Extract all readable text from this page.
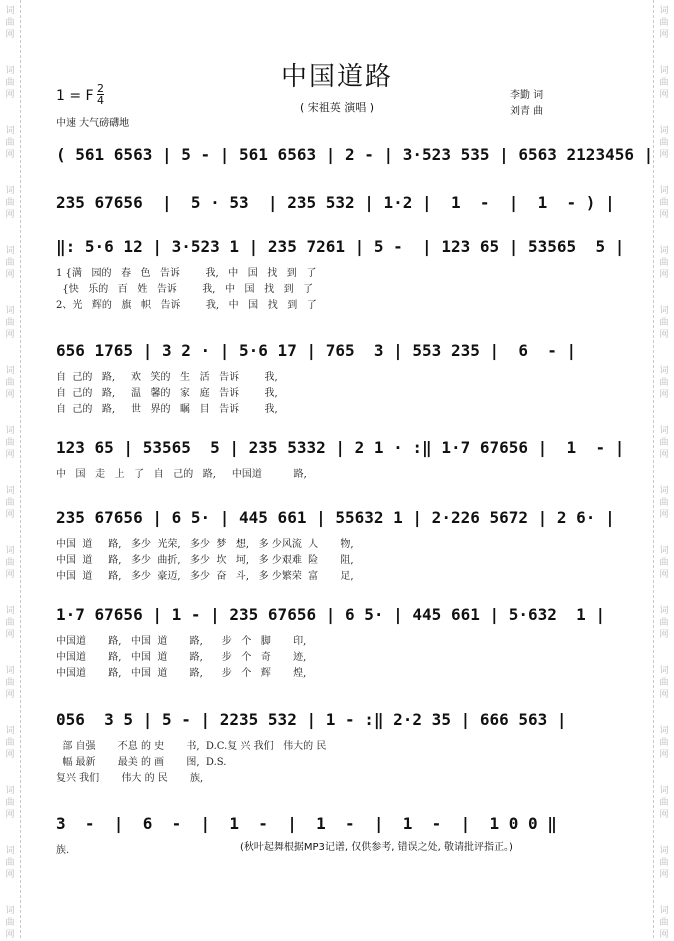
词
曲
网
词
曲
网
词
曲
网
词
曲
网
词
曲
网
词
曲
网
词
曲
网
词
曲
网
词
曲
网
词
曲
网
词
曲
网
词
曲
网
词
曲
网
词
曲
网
词
曲
网
词
曲
网
词
曲
网
词
曲
网
词
曲
网
词
曲
网
词
曲
网
词
曲
网
词
曲
网
词
曲
网
词
曲
网
词
曲
网
词
曲
网
词
曲
网
词
曲
网
词
曲
网
词
曲
网
词
曲
网
中国道路
( 宋祖英 演唱 )
1 = F 2
4
中速 大气磅礴地
李勤 词
刘青 曲
( 561 6563 | 5 - | 561 6563 | 2 - | 3·523 535 | 6563 2123456 |
235 67656  |  5 · 53  | 235 532 | 1·2 |  1  -  |  1  - ) |
‖: 5·6 12 | 3·523 1 | 235 7261 | 5 -  | 123 65 | 53565  5 |
1 {满   园的   春   色   告诉        我,   中   国   找   到   了
{快   乐的   百   姓   告诉        我,   中   国   找   到   了
2、光   辉的   旗   帜   告诉        我,   中   国   找   到   了
656 1765 | 3 2 · | 5·6 17 | 765  3 | 553 235 |  6  - |
自  己的   路,     欢   笑的   生   活   告诉        我,
自  己的   路,     温   馨的   家   庭   告诉        我,
自  己的   路,     世   界的   瞩   目   告诉        我,
123 65 | 53565  5 | 235 5332 | 2 1 · :‖ 1·7 67656 |  1  - |
中   国   走   上   了   自   己的   路,     中国道          路,
235 67656 | 6 5· | 445 661 | 55632 1 | 2·226 5672 | 2 6· |
中国  道     路,   多少  光荣,   多少  梦   想,   多 少风流  人       物,
中国  道     路,   多少  曲折,   多少  坎   坷,   多 少艰难  险       阻,
中国  道     路,   多少  豪迈,   多少  奋   斗,   多 少繁荣  富       足,
1·7 67656 | 1 - | 235 67656 | 6 5· | 445 661 | 5·632  1 |
中国道       路,   中国  道       路,      步   个   脚       印,
中国道       路,   中国  道       路,      步   个   奇       迹,
中国道       路,   中国  道       路,      步   个   辉       煌,
056  3 5 | 5 - | 2235 532 | 1 - :‖ 2·2 35 | 666 563 |
部 自强       不息 的 史       书,  D.C.复 兴 我们   伟大的 民
幅 最新       最美 的 画       图,  D.S.
复兴 我们       伟大 的 民       族,
3  -  |  6  -  |  1  -  |  1  -  |  1  -  |  1 0 0 ‖
族.	(秋叶起舞根据MP3记谱, 仅供参考, 错误之处, 敬请批评指正。)
